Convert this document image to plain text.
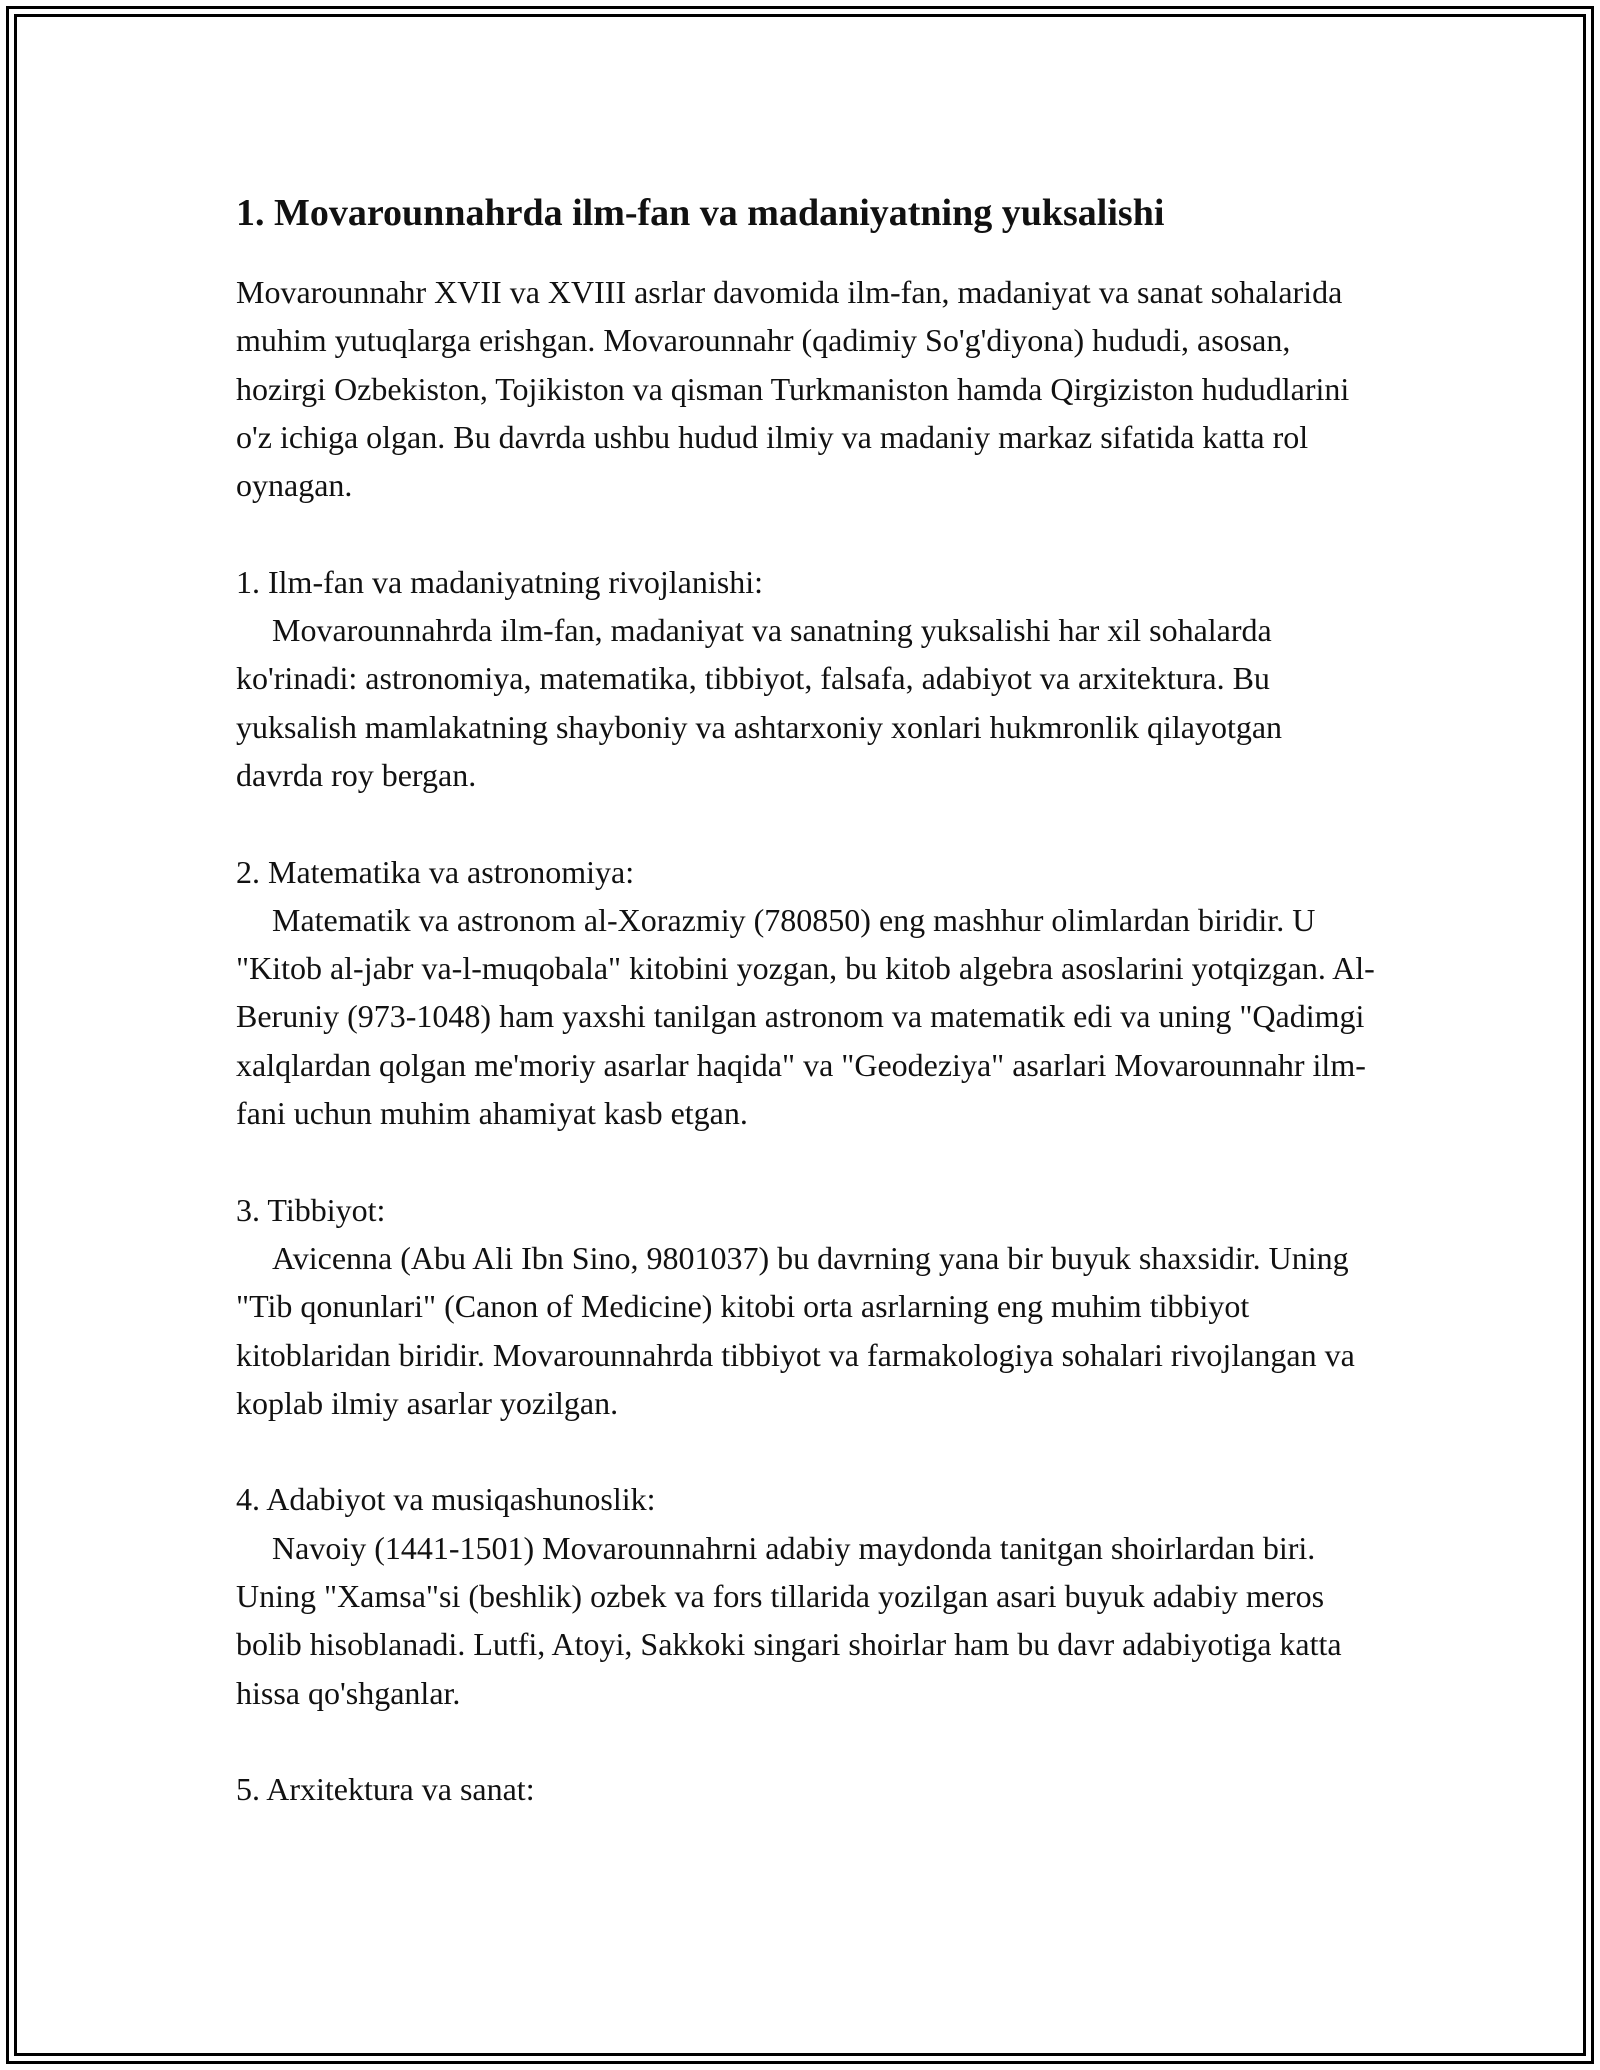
1. Movarounnahrda ilm-fan va madaniyatning yuksalishi

Movarounnahr XVII va XVIII asrlar davomida ilm-fan, madaniyat va sanat sohalarida muhim yutuqlarga erishgan. Movarounnahr (qadimiy So'g'diyona) hududi, asosan, hozirgi Ozbekiston, Tojikiston va qisman Turkmaniston hamda Qirgiziston hududlarini o'z ichiga olgan. Bu davrda ushbu hudud ilmiy va madaniy markaz sifatida katta rol oynagan.

1. Ilm-fan va madaniyatning rivojlanishi:

Movarounnahrda ilm-fan, madaniyat va sanatning yuksalishi har xil sohalarda ko'rinadi: astronomiya, matematika, tibbiyot, falsafa, adabiyot va arxitektura. Bu yuksalish mamlakatning shayboniy va ashtarxoniy xonlari hukmronlik qilayotgan davrda roy bergan.

2. Matematika va astronomiya:

Matematik va astronom al-Xorazmiy (780850) eng mashhur olimlardan biridir. U "Kitob al-jabr va-l-muqobala" kitobini yozgan, bu kitob algebra asoslarini yotqizgan. Al-Beruniy (973-1048) ham yaxshi tanilgan astronom va matematik edi va uning "Qadimgi xalqlardan qolgan me'moriy asarlar haqida" va "Geodeziya" asarlari Movarounnahr ilm-fani uchun muhim ahamiyat kasb etgan.

3. Tibbiyot:

Avicenna (Abu Ali Ibn Sino, 9801037) bu davrning yana bir buyuk shaxsidir. Uning "Tib qonunlari" (Canon of Medicine) kitobi orta asrlarning eng muhim tibbiyot kitoblaridan biridir. Movarounnahrda tibbiyot va farmakologiya sohalari rivojlangan va koplab ilmiy asarlar yozilgan.

4. Adabiyot va musiqashunoslik:

Navoiy (1441-1501) Movarounnahrni adabiy maydonda tanitgan shoirlardan biri. Uning "Xamsa"si (beshlik) ozbek va fors tillarida yozilgan asari buyuk adabiy meros bolib hisoblanadi. Lutfi, Atoyi, Sakkoki singari shoirlar ham bu davr adabiyotiga katta hissa qo'shganlar.

5. Arxitektura va sanat:
